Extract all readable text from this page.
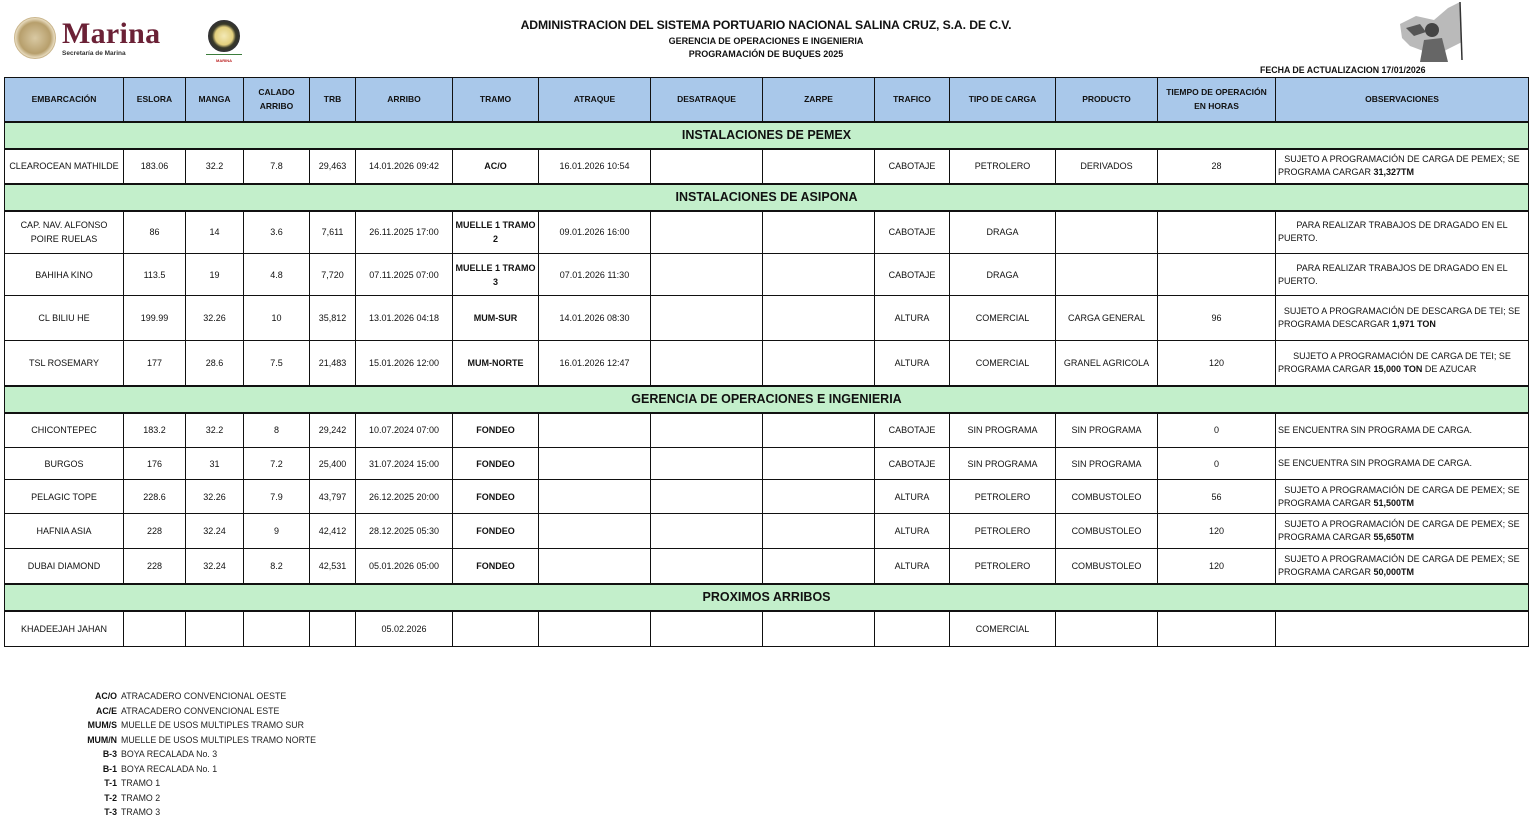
Marina
Secretaría de Marina
MARINA
ADMINISTRACION DEL SISTEMA PORTUARIO NACIONAL SALINA CRUZ, S.A. DE C.V.
GERENCIA DE OPERACIONES E INGENIERIA
PROGRAMACIÓN DE BUQUES 2025
FECHA DE ACTUALIZACION 17/01/2026
EMBARCACIÓN	ESLORA	MANGA	CALADO ARRIBO	TRB	ARRIBO	TRAMO	ATRAQUE	DESATRAQUE	ZARPE	TRAFICO	TIPO DE CARGA	PRODUCTO	TIEMPO DE OPERACIÓN EN HORAS	OBSERVACIONES
INSTALACIONES DE PEMEX														
CLEAROCEAN MATHILDE	183.06	32.2	7.8	29,463	14.01.2026 09:42	AC/O	16.01.2026 10:54			CABOTAJE	PETROLERO	DERIVADOS	28	SUJETO A PROGRAMACIÓN DE CARGA DE PEMEX; SE PROGRAMA CARGAR 31,327TM
INSTALACIONES DE ASIPONA														
CAP. NAV. ALFONSO POIRE RUELAS	86	14	3.6	7,611	26.11.2025 17:00	MUELLE 1 TRAMO 2	09.01.2026 16:00			CABOTAJE	DRAGA			PARA REALIZAR TRABAJOS DE DRAGADO EN EL PUERTO.
BAHIHA KINO	113.5	19	4.8	7,720	07.11.2025 07:00	MUELLE 1 TRAMO 3	07.01.2026 11:30			CABOTAJE	DRAGA			PARA REALIZAR TRABAJOS DE DRAGADO EN EL PUERTO.
CL BILIU HE	199.99	32.26	10	35,812	13.01.2026 04:18	MUM-SUR	14.01.2026 08:30			ALTURA	COMERCIAL	CARGA GENERAL	96	SUJETO A PROGRAMACIÓN DE DESCARGA DE TEI; SE PROGRAMA DESCARGAR 1,971 TON
TSL ROSEMARY	177	28.6	7.5	21,483	15.01.2026 12:00	MUM-NORTE	16.01.2026 12:47			ALTURA	COMERCIAL	GRANEL AGRICOLA	120	SUJETO A PROGRAMACIÓN DE CARGA DE TEI; SE PROGRAMA CARGAR 15,000 TON DE AZUCAR
GERENCIA DE OPERACIONES E INGENIERIA														
CHICONTEPEC	183.2	32.2	8	29,242	10.07.2024 07:00	FONDEO				CABOTAJE	SIN PROGRAMA	SIN PROGRAMA	0	SE ENCUENTRA SIN PROGRAMA DE CARGA.
BURGOS	176	31	7.2	25,400	31.07.2024 15:00	FONDEO				CABOTAJE	SIN PROGRAMA	SIN PROGRAMA	0	SE ENCUENTRA SIN PROGRAMA DE CARGA.
PELAGIC TOPE	228.6	32.26	7.9	43,797	26.12.2025 20:00	FONDEO				ALTURA	PETROLERO	COMBUSTOLEO	56	SUJETO A PROGRAMACIÓN DE CARGA DE PEMEX; SE PROGRAMA CARGAR 51,500TM
HAFNIA ASIA	228	32.24	9	42,412	28.12.2025 05:30	FONDEO				ALTURA	PETROLERO	COMBUSTOLEO	120	SUJETO A PROGRAMACIÓN DE CARGA DE PEMEX; SE PROGRAMA CARGAR 55,650TM
DUBAI DIAMOND	228	32.24	8.2	42,531	05.01.2026 05:00	FONDEO				ALTURA	PETROLERO	COMBUSTOLEO	120	SUJETO A PROGRAMACIÓN DE CARGA DE PEMEX; SE PROGRAMA CARGAR 50,000TM
PROXIMOS ARRIBOS														
KHADEEJAH JAHAN					05.02.2026						COMERCIAL			
AC/O ATRACADERO CONVENCIONAL OESTE
AC/E ATRACADERO CONVENCIONAL ESTE
MUM/S MUELLE DE USOS MULTIPLES TRAMO SUR
MUM/N MUELLE DE USOS MULTIPLES TRAMO NORTE
B-3 BOYA RECALADA No. 3
B-1 BOYA RECALADA No. 1
T-1 TRAMO 1
T-2 TRAMO 2
T-3 TRAMO 3
